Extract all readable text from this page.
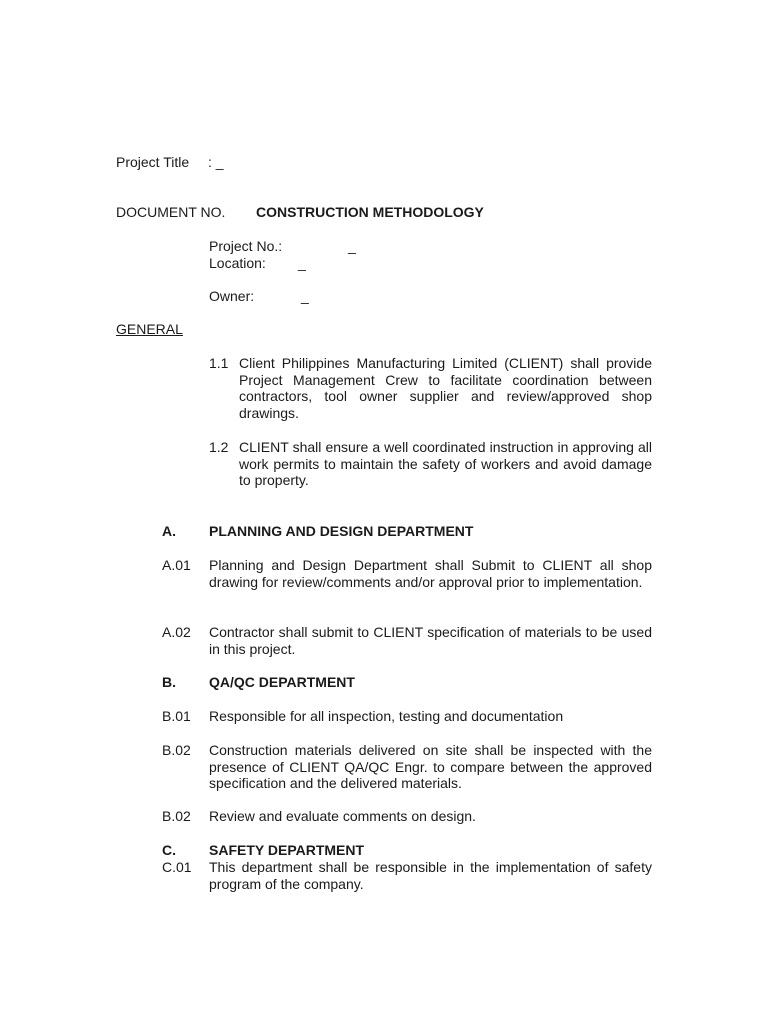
Project Title : _
DOCUMENT NO. CONSTRUCTION METHODOLOGY
Project No.:	_
Location: _
Owner:	_
GENERAL
1.1 Client Philippines Manufacturing Limited (CLIENT) shall provide Project Management Crew to facilitate coordination between contractors, tool owner supplier and review/approved shop drawings.
1.2 CLIENT shall ensure a well coordinated instruction in approving all work permits to maintain the safety of workers and avoid damage to property.
A. PLANNING AND DESIGN DEPARTMENT
A.01 Planning and Design Department shall Submit to CLIENT all shop drawing for review/comments and/or approval prior to implementation.
A.02 Contractor shall submit to CLIENT specification of materials to be used in this project.
B. QA/QC DEPARTMENT
B.01 Responsible for all inspection, testing and documentation
B.02 Construction materials delivered on site shall be inspected with the presence of CLIENT QA/QC Engr. to compare between the approved specification and the delivered materials.
B.02 Review and evaluate comments on design.
C. SAFETY DEPARTMENT
C.01 This department shall be responsible in the implementation of safety program of the company.
